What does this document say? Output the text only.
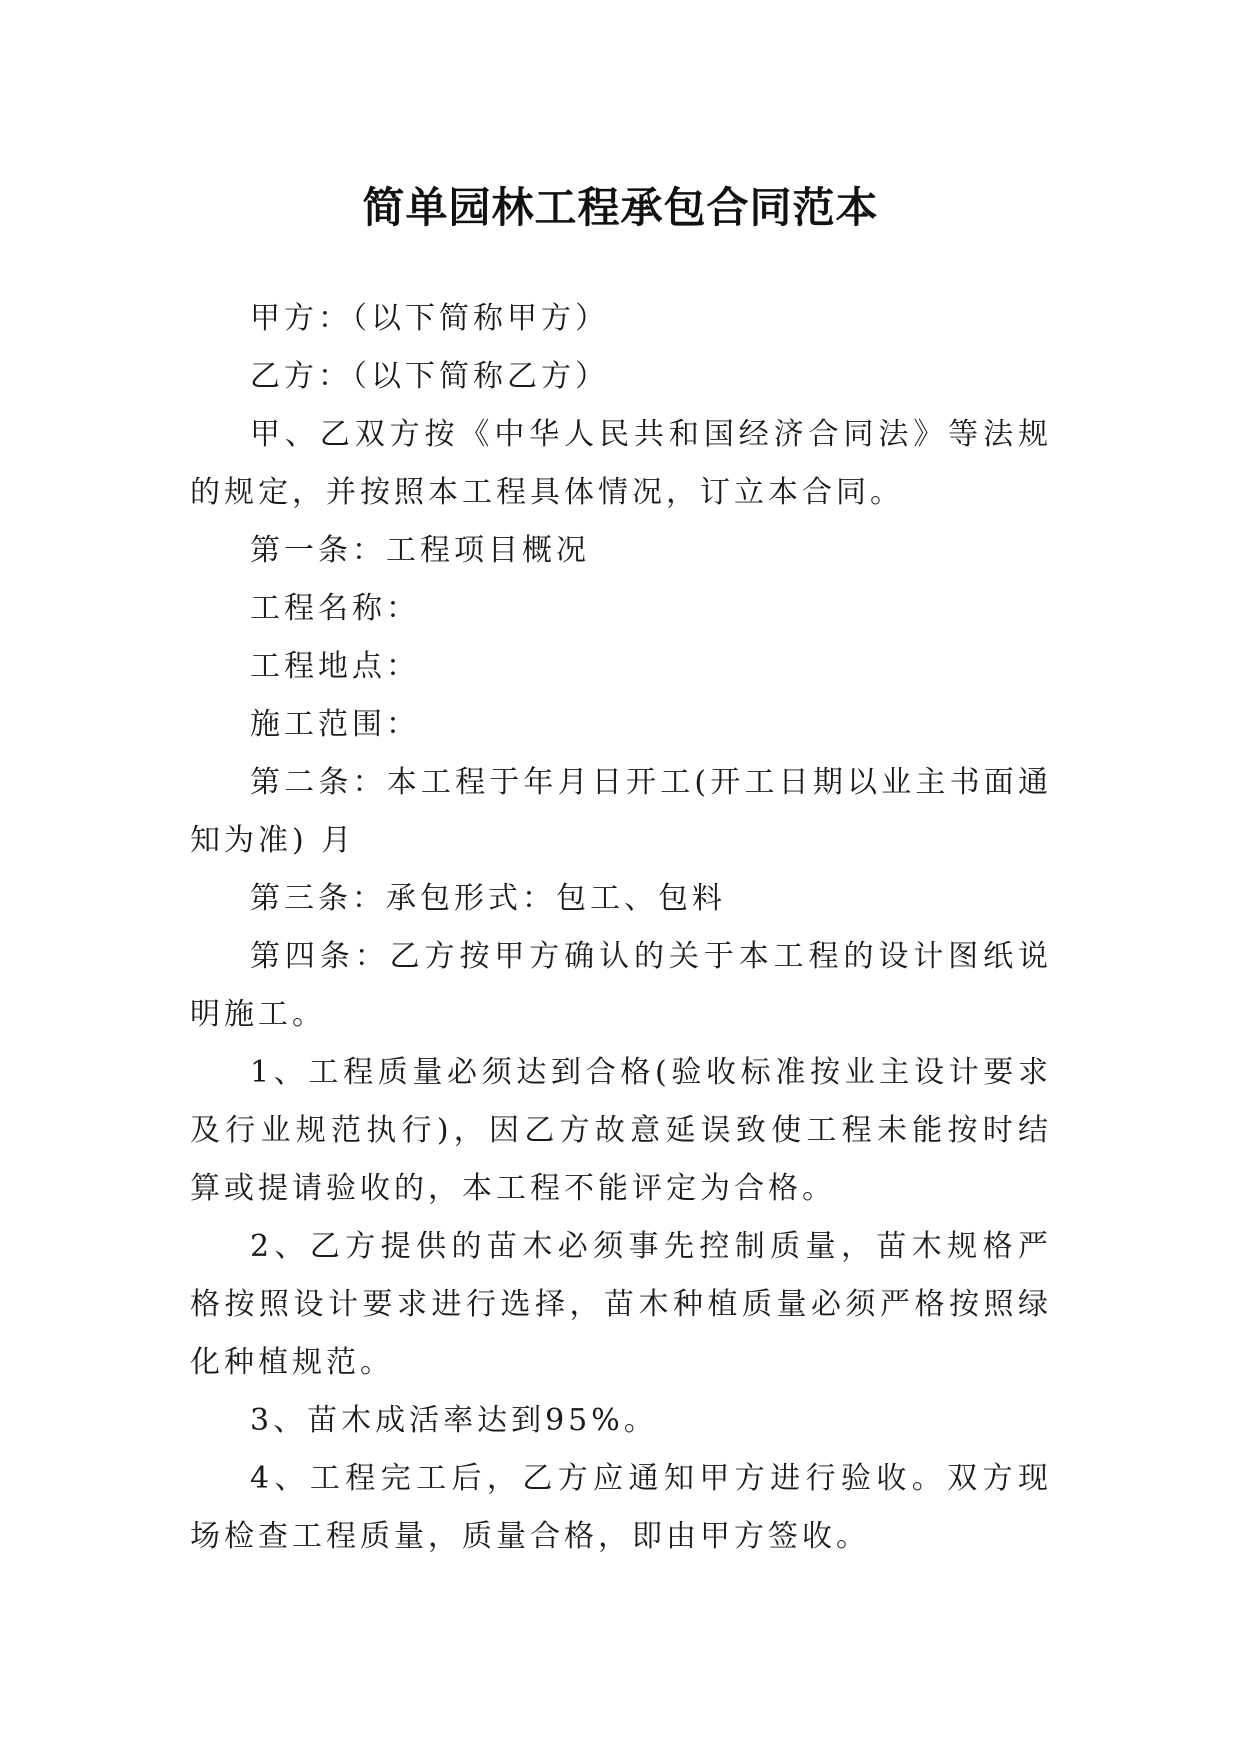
简单园林工程承包合同范本

甲方：（以下简称甲方）

乙方：（以下简称乙方）

甲、乙双方按《中华人民共和国经济合同法》等法规的规定，并按照本工程具体情况，订立本合同。

第一条：工程项目概况

工程名称：

工程地点：

施工范围：

第二条：本工程于年月日开工(开工日期以业主书面通知为准) 月

第三条：承包形式：包工、包料

第四条：乙方按甲方确认的关于本工程的设计图纸说明施工。

1、工程质量必须达到合格(验收标准按业主设计要求及行业规范执行)，因乙方故意延误致使工程未能按时结算或提请验收的，本工程不能评定为合格。

2、乙方提供的苗木必须事先控制质量，苗木规格严格按照设计要求进行选择，苗木种植质量必须严格按照绿化种植规范。

3、苗木成活率达到95%。

4、工程完工后，乙方应通知甲方进行验收。双方现场检查工程质量，质量合格，即由甲方签收。
